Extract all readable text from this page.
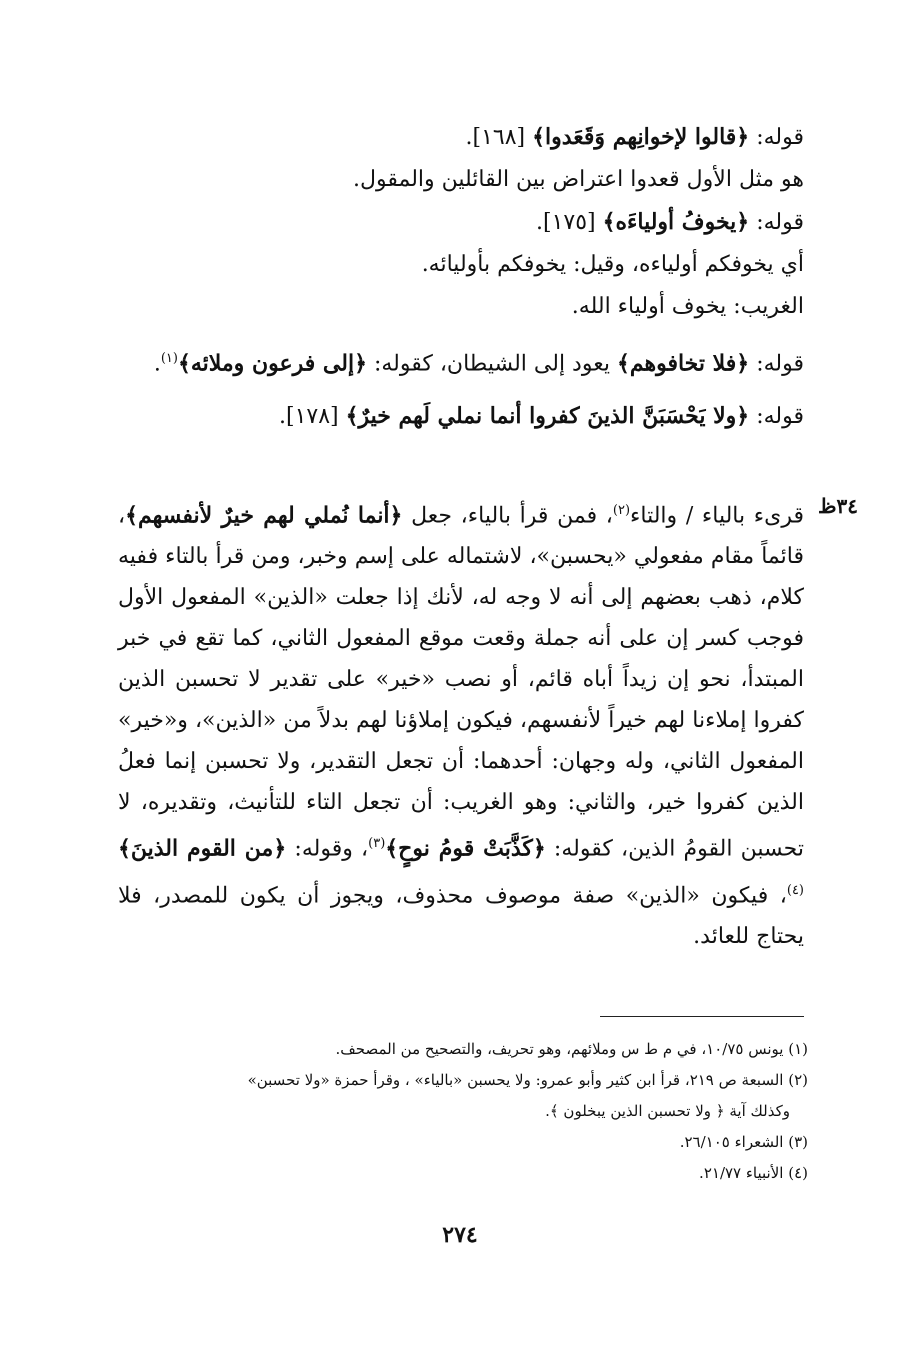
قوله: ﴿قالوا لإخوانِهم وَقَعَدوا﴾ [١٦٨].
هو مثل الأول قعدوا اعتراض بين القائلين والمقول.
قوله: ﴿يخوفُ أولياءَه﴾ [١٧٥].
أي يخوفكم أولياءه، وقيل: يخوفكم بأوليائه.
الغريب: يخوف أولياء الله.
قوله: ﴿فلا تخافوهم﴾ يعود إلى الشيطان، كقوله: ﴿إلى فرعون وملائه﴾$^{(١)}$.
قوله: ﴿ولا يَحْسَبَنَّ الذينَ كفروا أنما نملي لَهم خيرٌ﴾ [١٧٨].
٣٤ظ
قرىء بالياء / والتاء$^{(٢)}$، فمن قرأ بالياء، جعل ﴿أنما نُملي لهم خيرٌ لأنفسهم﴾، قائماً مقام مفعولي «يحسبن»، لاشتماله على إسم وخبر، ومن قرأ بالتاء ففيه كلام، ذهب بعضهم إلى أنه لا وجه له، لأنك إذا جعلت «الذين» المفعول الأول فوجب كسر إن على أنه جملة وقعت موقع المفعول الثاني، كما تقع في خبر المبتدأ، نحو إن زيداً أباه قائم، أو نصب «خير» على تقدير لا تحسبن الذين كفروا إملاءنا لهم خيراً لأنفسهم، فيكون إملاؤنا لهم بدلاً من «الذين»، و«خير» المفعول الثاني، وله وجهان: أحدهما: أن تجعل التقدير، ولا تحسبن إنما فعلُ الذين كفروا خير، والثاني: وهو الغريب: أن تجعل التاء للتأنيث، وتقديره، لا تحسبن القومُ الذين، كقوله: ﴿كَذَّبَتْ قومُ نوحٍ﴾$^{(٣)}$، وقوله: ﴿من القوم الذينَ﴾$^{(٤)}$، فيكون «الذين» صفة موصوف محذوف، ويجوز أن يكون للمصدر، فلا يحتاج للعائد.
(١) يونس ١٠/٧٥، في م ط س وملائهم، وهو تحريف، والتصحيح من المصحف.
(٢) السبعة ص ٢١٩، قرأ ابن كثير وأبو عمرو: ولا يحسبن «بالياء» ، وقرأ حمزة «ولا تحسبن»
وكذلك آية ﴿ ولا تحسبن الذين يبخلون ﴾.
(٣) الشعراء ٢٦/١٠٥.
(٤) الأنبياء ٢١/٧٧.
٢٧٤
